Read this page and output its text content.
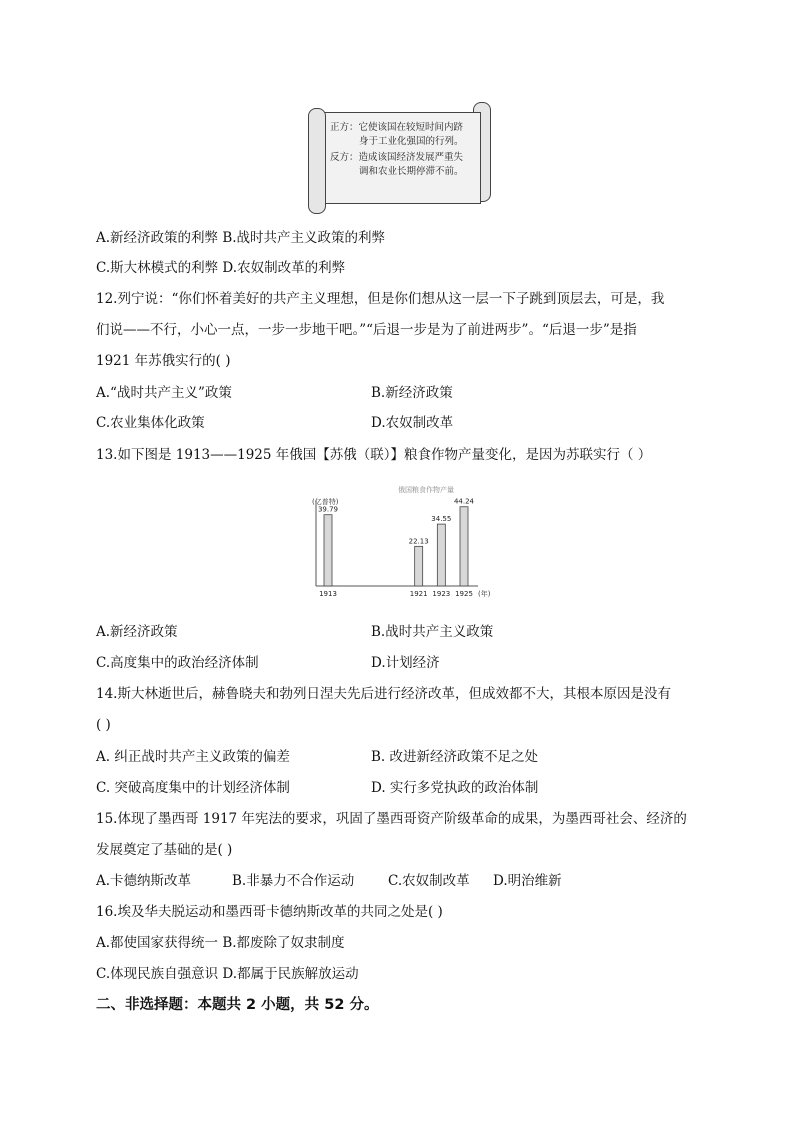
正方：它使该国在较短时间内跻
身于工业化强国的行列。
反方：造成该国经济发展严重失
调和农业长期停滞不前。
A.新经济政策的利弊 B.战时共产主义政策的利弊
C.斯大林模式的利弊 D.农奴制改革的利弊
12.列宁说：“你们怀着美好的共产主义理想，但是你们想从这一层一下子跳到顶层去，可是，我
们说——不行，小心一点，一步一步地干吧。”“后退一步是为了前进两步”。“后退一步”是指
1921 年苏俄实行的( )
A.“战时共产主义”政策	B.新经济政策
C.农业集体化政策	D.农奴制改革
13.如下图是 1913——1925 年俄国【苏俄（联）】粮食作物产量变化，是因为苏联实行（ ）
俄国粮食作物产量
(亿普特)
(年)
39.79
1913
22.13
1921
34.55
1923
44.24
1925
A.新经济政策	B.战时共产主义政策
C.高度集中的政治经济体制	D.计划经济
14.斯大林逝世后，赫鲁晓夫和勃列日涅夫先后进行经济改革，但成效都不大，其根本原因是没有
( )
A. 纠正战时共产主义政策的偏差	B. 改进新经济政策不足之处
C. 突破高度集中的计划经济体制	D. 实行多党执政的政治体制
15.体现了墨西哥 1917 年宪法的要求，巩固了墨西哥资产阶级革命的成果，为墨西哥社会、经济的
发展奠定了基础的是( )
A.卡德纳斯改革	B.非暴力不合作运动	C.农奴制改革 D.明治维新
16.埃及华夫脱运动和墨西哥卡德纳斯改革的共同之处是( )
A.都使国家获得统一 B.都废除了奴隶制度
C.体现民族自强意识 D.都属于民族解放运动
二、非选择题：本题共 2 小题，共 52 分。
